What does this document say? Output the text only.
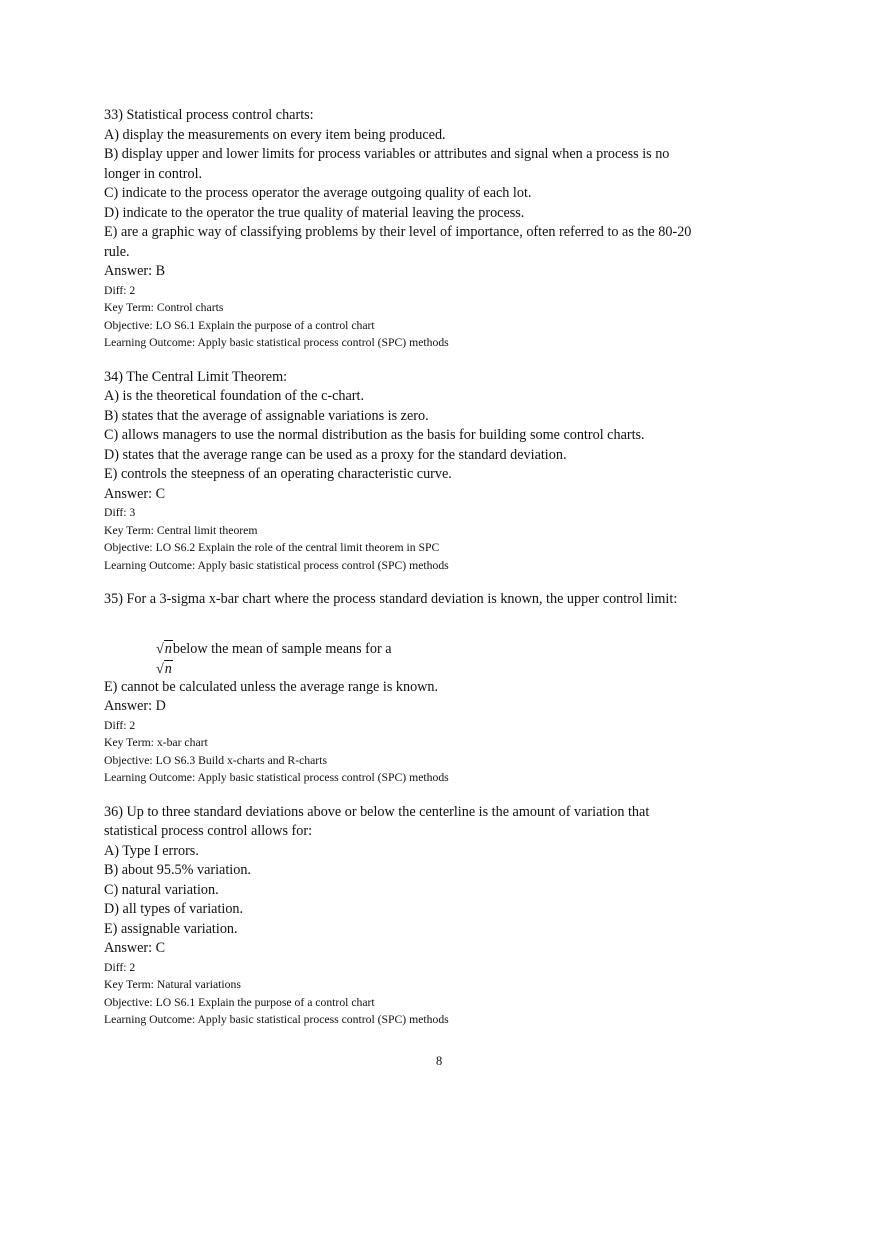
33) Statistical process control charts:

A) display the measurements on every item being produced.

B) display upper and lower limits for process variables or attributes and signal when a process is no

longer in control.

C) indicate to the process operator the average outgoing quality of each lot.

D) indicate to the operator the true quality of material leaving the process.

E) are a graphic way of classifying problems by their level of importance, often referred to as the 80-20

rule.

Answer: B

Diff: 2

Key Term: Control charts

Objective: LO S6.1 Explain the purpose of a control chart

Learning Outcome: Apply basic statistical process control (SPC) methods

34) The Central Limit Theorem:

A) is the theoretical foundation of the c-chart.

B) states that the average of assignable variations is zero.

C) allows managers to use the normal distribution as the basis for building some control charts.

D) states that the average range can be used as a proxy for the standard deviation.

E) controls the steepness of an operating characteristic curve.

Answer: C

Diff: 3

Key Term: Central limit theorem

Objective: LO S6.2 Explain the role of the central limit theorem in SPC

Learning Outcome: Apply basic statistical process control (SPC) methods

35) For a 3-sigma x-bar chart where the process standard deviation is known, the upper control limit:

√nbelow the mean of sample means for a
√n

E) cannot be calculated unless the average range is known.

Answer: D

Diff: 2

Key Term: x-bar chart

Objective: LO S6.3 Build x-charts and R-charts

Learning Outcome: Apply basic statistical process control (SPC) methods

36) Up to three standard deviations above or below the centerline is the amount of variation that

statistical process control allows for:

A) Type I errors.

B) about 95.5% variation.

C) natural variation.

D) all types of variation.

E) assignable variation.

Answer: C

Diff: 2

Key Term: Natural variations

Objective: LO S6.1 Explain the purpose of a control chart

Learning Outcome: Apply basic statistical process control (SPC) methods

8
